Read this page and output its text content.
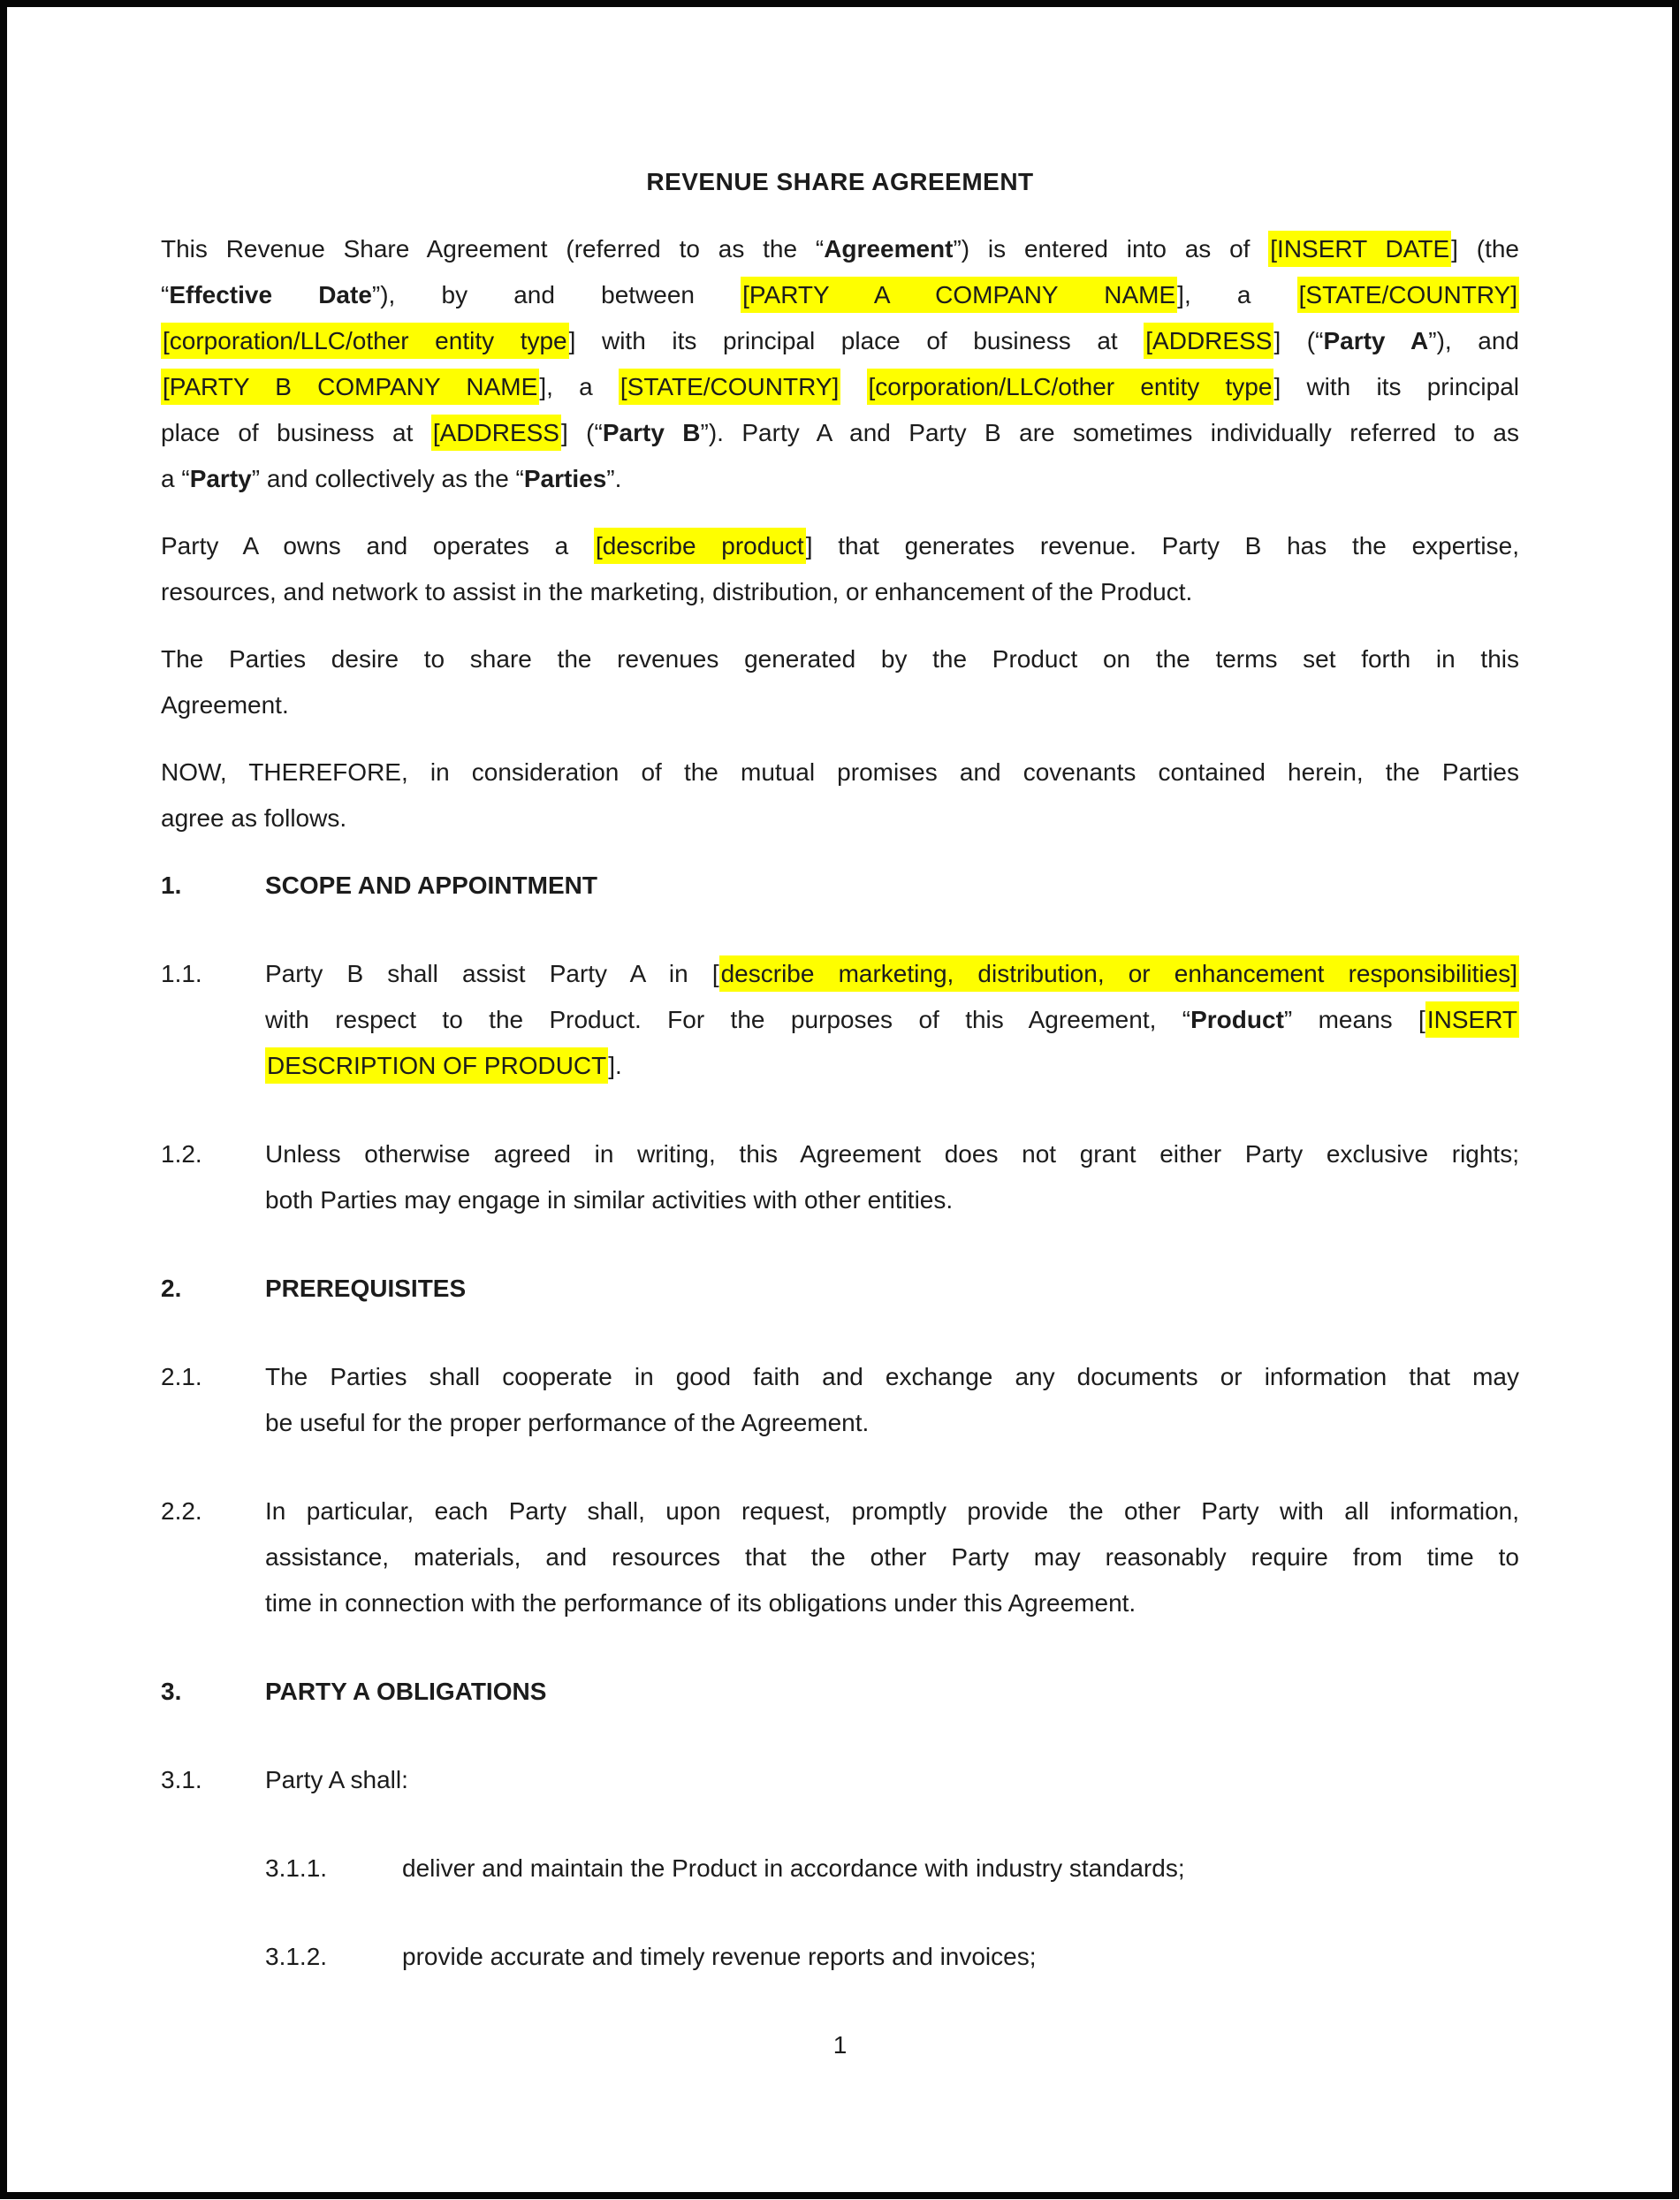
REVENUE SHARE AGREEMENT
This Revenue Share Agreement (referred to as the “Agreement”) is entered into as of [INSERT DATE] (the
“Effective Date”), by and between [PARTY A COMPANY NAME], a [STATE/COUNTRY]
[corporation/LLC/other entity type] with its principal place of business at [ADDRESS] (“Party A”), and
[PARTY B COMPANY NAME], a [STATE/COUNTRY] [corporation/LLC/other entity type] with its principal
place of business at [ADDRESS] (“Party B”). Party A and Party B are sometimes individually referred to as
a “Party” and collectively as the “Parties”.
Party A owns and operates a [describe product] that generates revenue. Party B has the expertise,
resources, and network to assist in the marketing, distribution, or enhancement of the Product.
The Parties desire to share the revenues generated by the Product on the terms set forth in this
Agreement.
NOW, THEREFORE, in consideration of the mutual promises and covenants contained herein, the Parties
agree as follows.
1.	SCOPE AND APPOINTMENT
1.1.	Party B shall assist Party A in [describe marketing, distribution, or enhancement responsibilities]
with respect to the Product. For the purposes of this Agreement, “Product” means [INSERT
DESCRIPTION OF PRODUCT].
1.2.	Unless otherwise agreed in writing, this Agreement does not grant either Party exclusive rights;
both Parties may engage in similar activities with other entities.
2.	PREREQUISITES
2.1.	The Parties shall cooperate in good faith and exchange any documents or information that may
be useful for the proper performance of the Agreement.
2.2.	In particular, each Party shall, upon request, promptly provide the other Party with all information,
assistance, materials, and resources that the other Party may reasonably require from time to
time in connection with the performance of its obligations under this Agreement.
3.	PARTY A OBLIGATIONS
3.1.	Party A shall:
3.1.1.	deliver and maintain the Product in accordance with industry standards;
3.1.2.	provide accurate and timely revenue reports and invoices;
1
